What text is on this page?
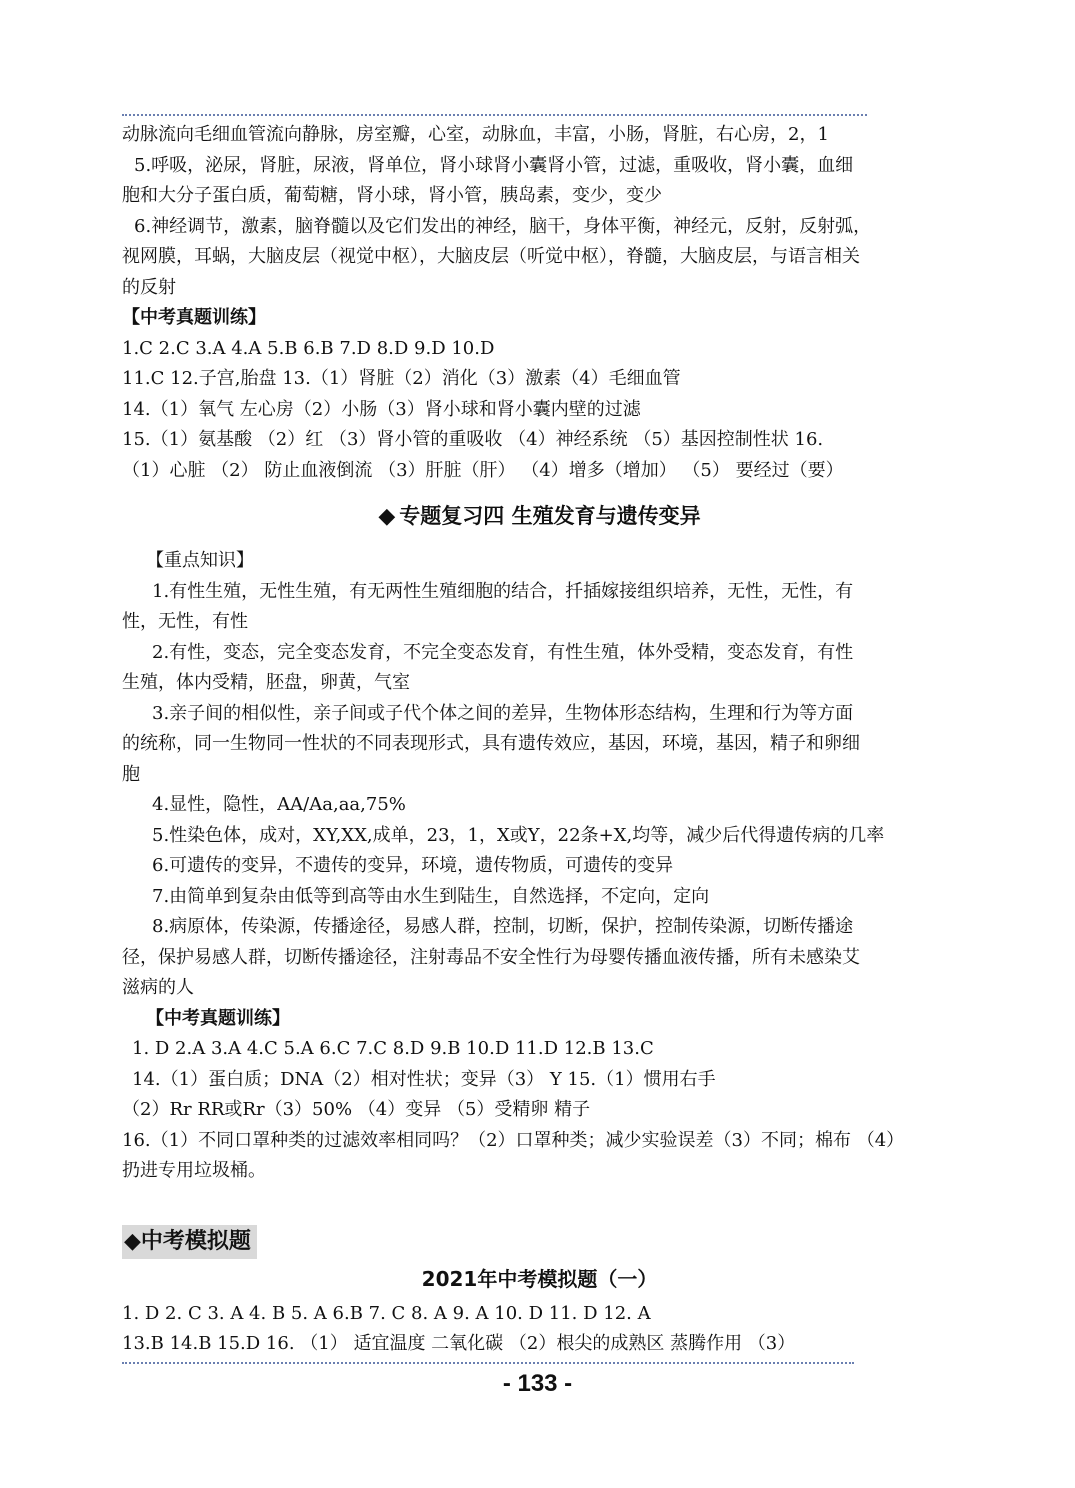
动脉流向毛细血管流向静脉，房室瓣，心室，动脉血，丰富，小肠，肾脏，右心房，2，1
5.呼吸，泌尿，肾脏，尿液，肾单位，肾小球肾小囊肾小管，过滤，重吸收，肾小囊，血细
胞和大分子蛋白质，葡萄糖，肾小球，肾小管，胰岛素，变少，变少
6.神经调节，激素，脑脊髓以及它们发出的神经，脑干，身体平衡，神经元，反射，反射弧，
视网膜，耳蜗，大脑皮层（视觉中枢），大脑皮层（听觉中枢），脊髓，大脑皮层，与语言相关
的反射
【中考真题训练】
1.C 2.C 3.A 4.A 5.B 6.B 7.D 8.D 9.D 10.D
11.C 12.子宫,胎盘 13.（1）肾脏（2）消化（3）激素（4）毛细血管
14.（1）氧气 左心房（2）小肠（3）肾小球和肾小囊内壁的过滤
15.（1）氨基酸 （2）红 （3）肾小管的重吸收 （4）神经系统 （5）基因控制性状 16.
（1）心脏 （2） 防止血液倒流 （3）肝脏（肝） （4）增多（增加） （5） 要经过（要）
◆ 专题复习四 生殖发育与遗传变异
【重点知识】
1.有性生殖，无性生殖，有无两性生殖细胞的结合，扦插嫁接组织培养，无性，无性，有
性，无性，有性
2.有性，变态，完全变态发育，不完全变态发育，有性生殖，体外受精，变态发育，有性
生殖，体内受精，胚盘，卵黄，气室
3.亲子间的相似性，亲子间或子代个体之间的差异，生物体形态结构，生理和行为等方面
的统称，同一生物同一性状的不同表现形式，具有遗传效应，基因，环境，基因，精子和卵细
胞
4.显性，隐性，AA/Aa,aa,75%
5.性染色体，成对，XY,XX,成单，23，1，X或Y，22条+X,均等，减少后代得遗传病的几率
6.可遗传的变异，不遗传的变异，环境，遗传物质，可遗传的变异
7.由简单到复杂由低等到高等由水生到陆生，自然选择，不定向，定向
8.病原体，传染源，传播途径，易感人群，控制，切断，保护，控制传染源，切断传播途
径，保护易感人群，切断传播途径，注射毒品不安全性行为母婴传播血液传播，所有未感染艾
滋病的人
【中考真题训练】
1. D 2.A 3.A 4.C 5.A 6.C 7.C 8.D 9.B 10.D 11.D 12.B 13.C
14.（1）蛋白质；DNA（2）相对性状；变异（3） Y 15.（1）惯用右手
（2）Rr RR或Rr（3）50% （4）变异 （5）受精卵 精子
16.（1）不同口罩种类的过滤效率相同吗？（2）口罩种类；减少实验误差（3）不同；棉布 （4）
扔进专用垃圾桶。
◆中考模拟题
2021年中考模拟题（一）
1. D 2. C 3. A 4. B 5. A 6.B 7. C 8. A 9. A 10. D 11. D 12. A
13.B 14.B 15.D 16. （1） 适宜温度 二氧化碳 （2）根尖的成熟区 蒸腾作用 （3）
- 133 -
